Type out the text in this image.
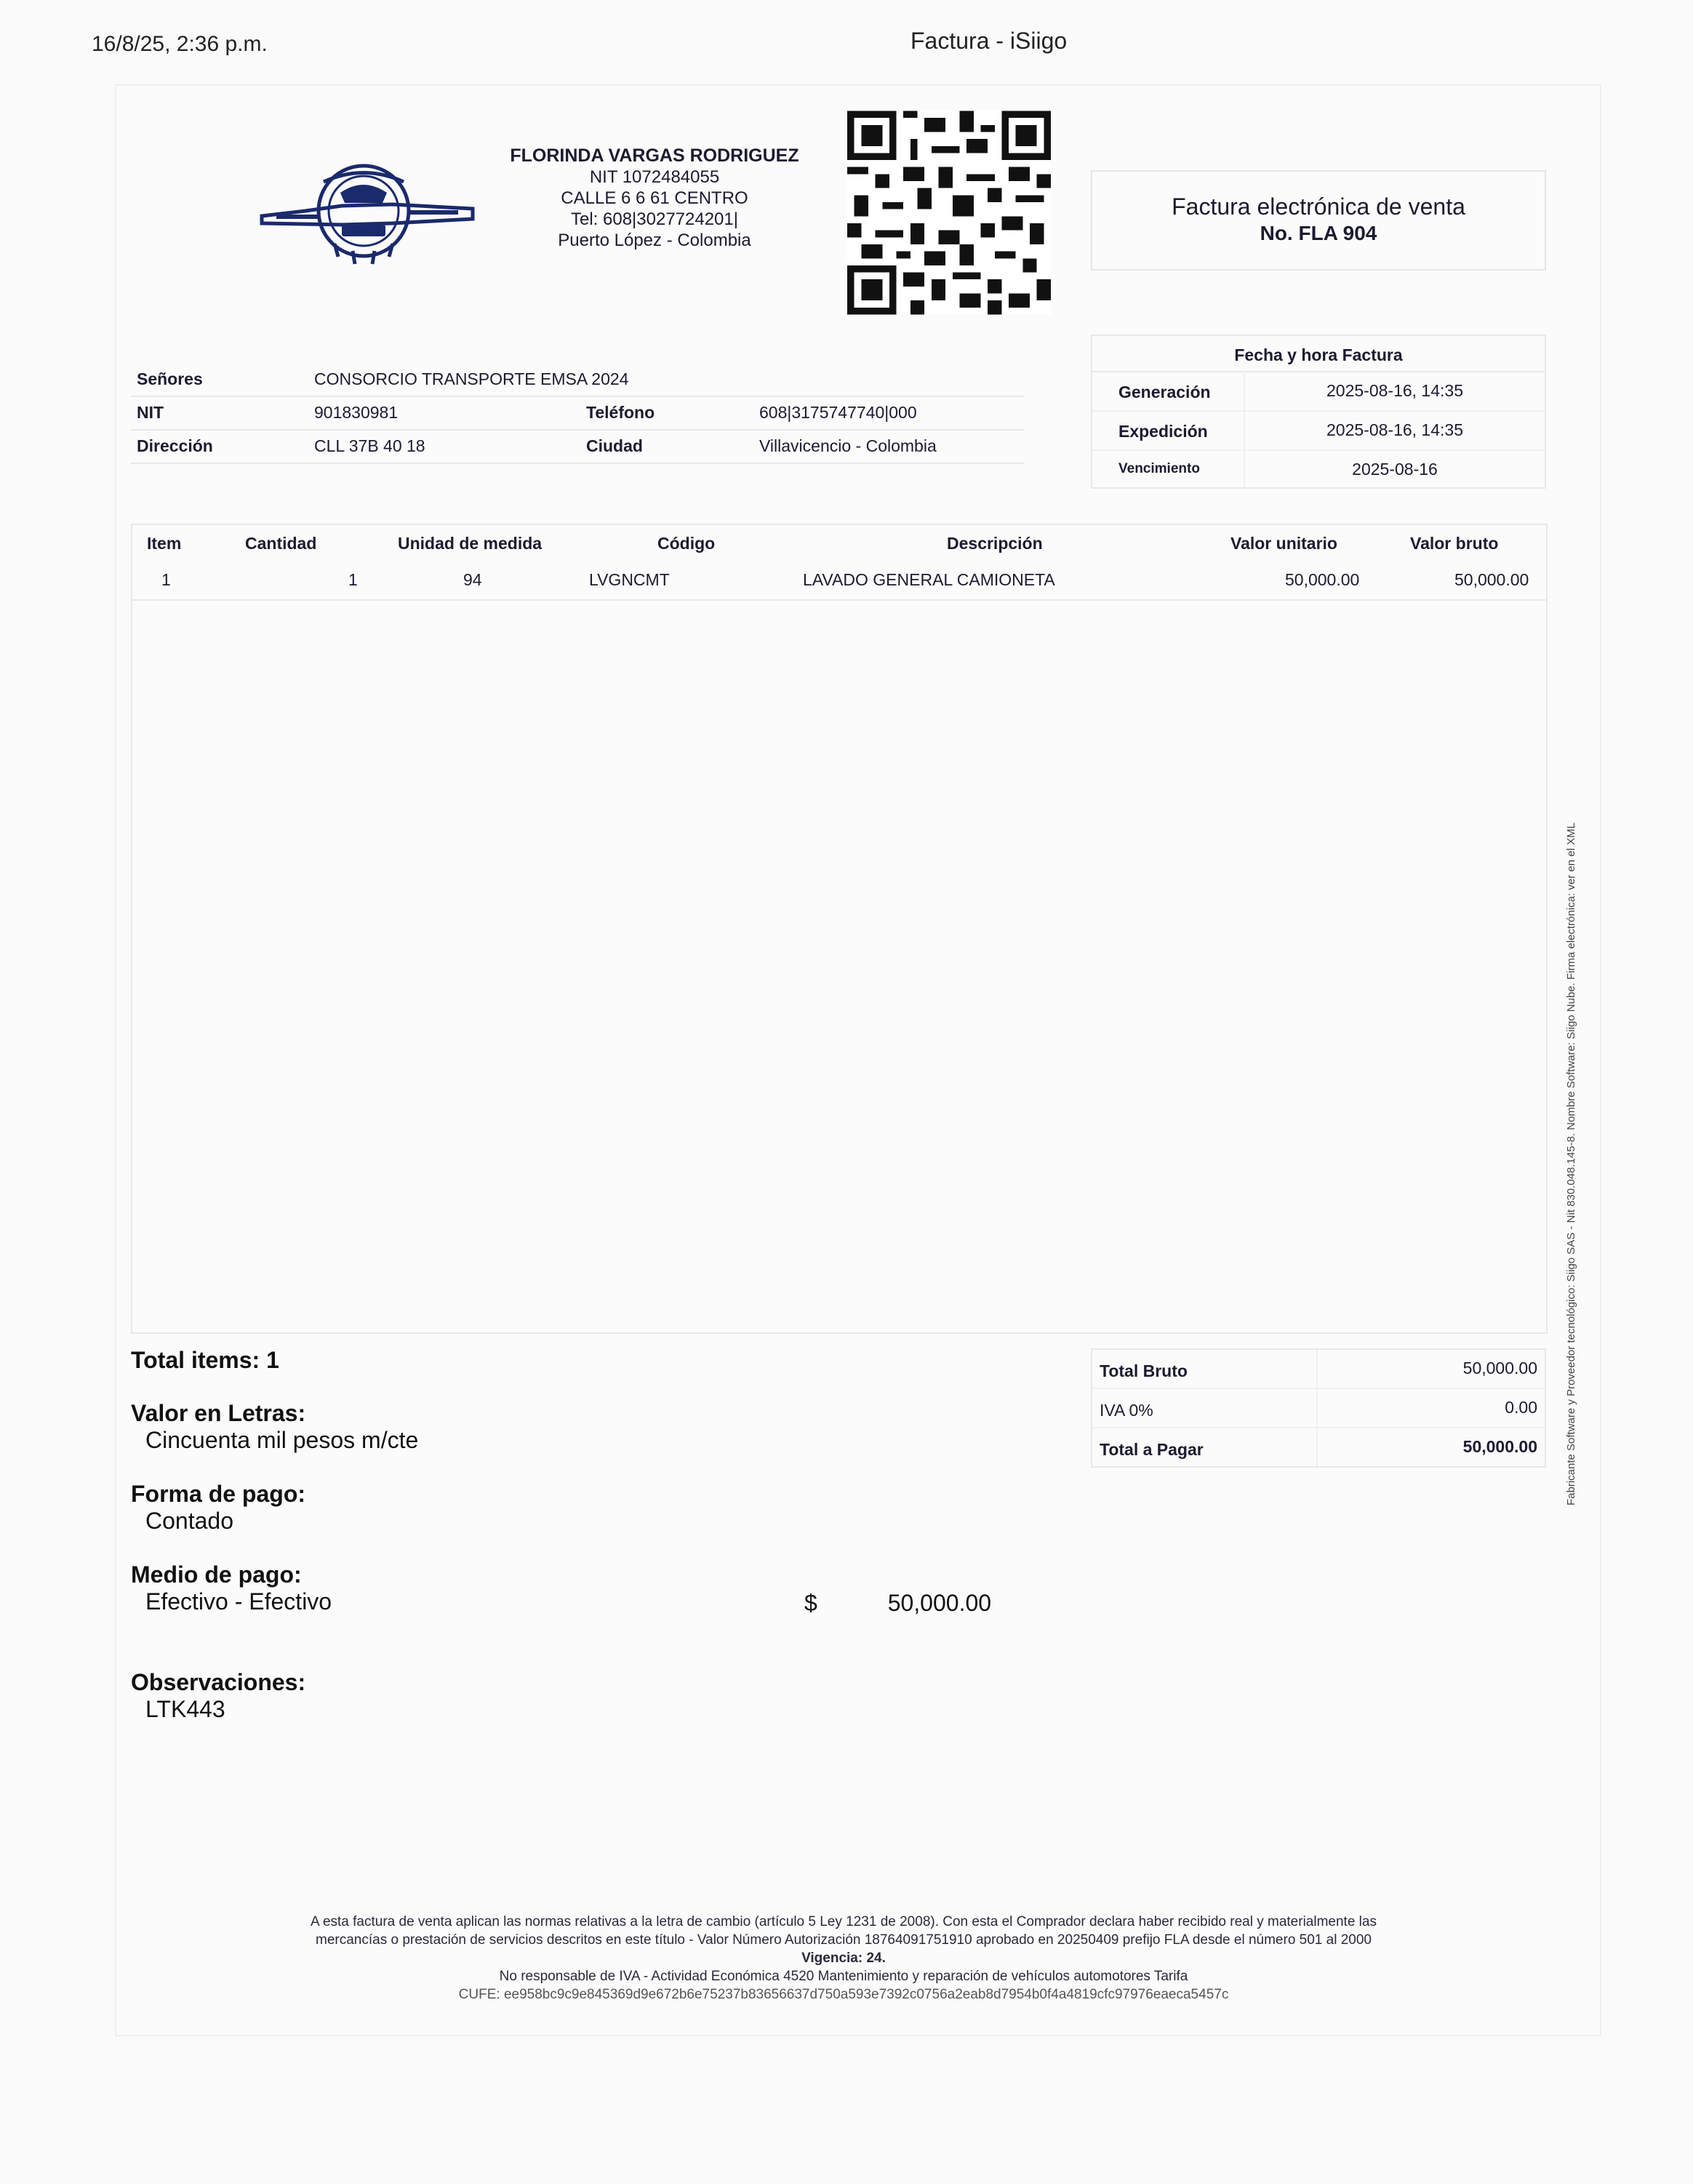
16/8/25, 2:36 p.m.	Factura - iSiigo
FLORINDA VARGAS RODRIGUEZ
NIT 1072484055
CALLE 6 6 61 CENTRO
Tel: 608|3027724201|
Puerto López - Colombia
Factura electrónica de venta
No. FLA 904
Señores	CONSORCIO TRANSPORTE EMSA 2024
NIT	901830981	Teléfono	608|3175747740|000
Dirección	CLL 37B 40 18	Ciudad	Villavicencio - Colombia
Fecha y hora Factura
Generación	2025-08-16, 14:35
Expedición	2025-08-16, 14:35
Vencimiento	2025-08-16
Item	Cantidad	Unidad de medida	Código	Descripción	Valor unitario	Valor bruto
1	1	94	LVGNCMT	LAVADO GENERAL CAMIONETA	50,000.00	50,000.00
Total items: 1
Valor en Letras:
Cincuenta mil pesos m/cte
Forma de pago:
Contado
Medio de pago:
Efectivo - Efectivo	$	50,000.00
Observaciones:
LTK443
Total Bruto	50,000.00
IVA 0%	0.00
Total a Pagar	50,000.00
A esta factura de venta aplican las normas relativas a la letra de cambio (artículo 5 Ley 1231 de 2008). Con esta el Comprador declara haber recibido real y materialmente las
mercancías o prestación de servicios descritos en este título - Valor Número Autorización 18764091751910 aprobado en 20250409 prefijo FLA desde el número 501 al 2000
Vigencia: 24.
No responsable de IVA - Actividad Económica 4520 Mantenimiento y reparación de vehículos automotores Tarifa
CUFE: ee958bc9c9e845369d9e672b6e75237b83656637d750a593e7392c0756a2eab8d7954b0f4a4819cfc97976eaeca5457c
Fabricante Software y Proveedor tecnológico: Siigo SAS - Nit 830.048.145-8. Nombre Software: Siigo Nube. Firma electrónica: ver en el XML
